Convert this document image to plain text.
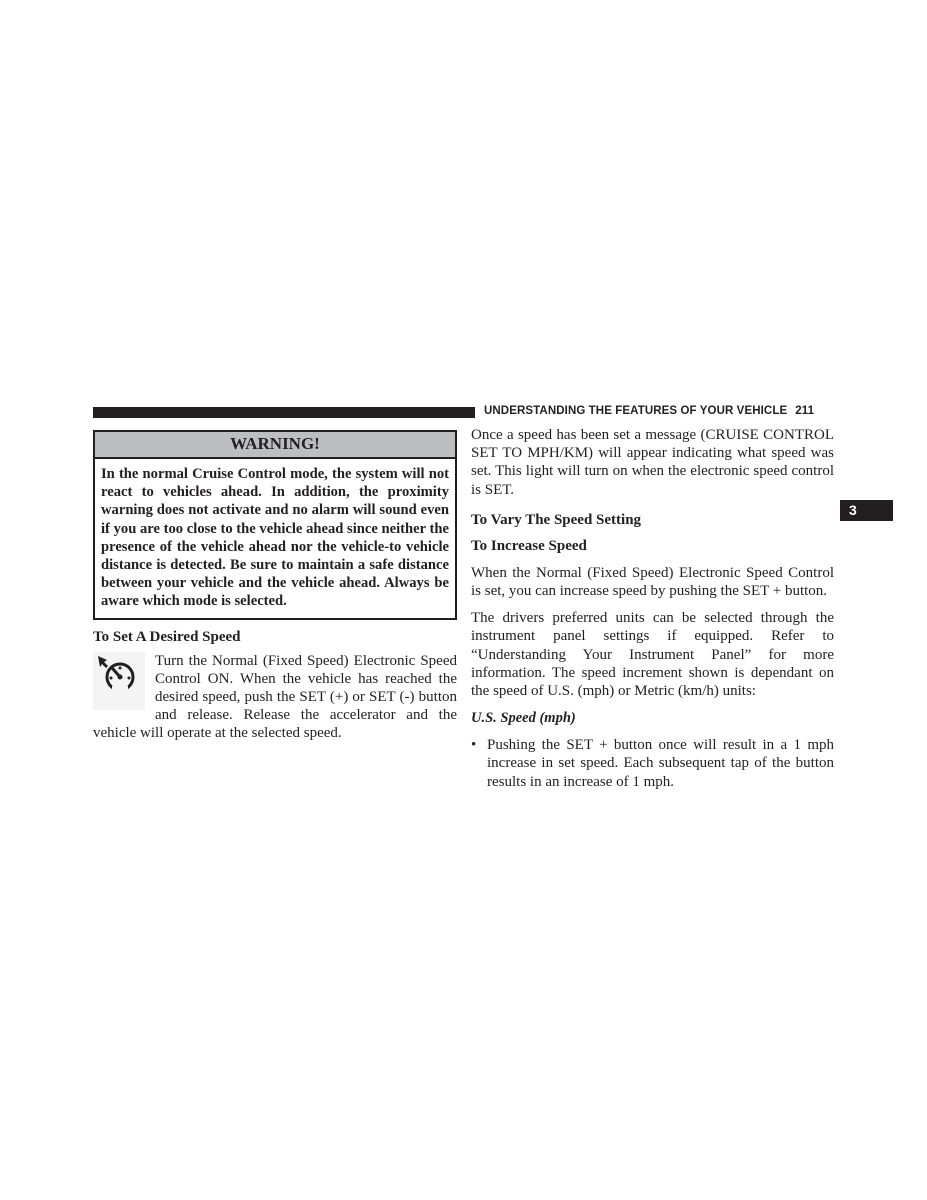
UNDERSTANDING THE FEATURES OF YOUR VEHICLE 211
3
WARNING!

In the normal Cruise Control mode, the system will not react to vehicles ahead. In addition, the proximity warning does not activate and no alarm will sound even if you are too close to the vehicle ahead since neither the presence of the vehicle ahead nor the vehicle-to vehicle distance is detected. Be sure to maintain a safe distance between your vehicle and the vehicle ahead. Always be aware which mode is selected.

To Set A Desired Speed

Turn the Normal (Fixed Speed) Electronic Speed Control ON. When the vehicle has reached the desired speed, push the SET (+) or SET (-) button and release. Release the accelerator and the vehicle will operate at the selected speed.

Once a speed has been set a message (CRUISE CONTROL SET TO MPH/KM) will appear indicating what speed was set. This light will turn on when the electronic speed control is SET.

To Vary The Speed Setting

To Increase Speed

When the Normal (Fixed Speed) Electronic Speed Control is set, you can increase speed by pushing the SET + button.

The drivers preferred units can be selected through the instrument panel settings if equipped. Refer to “Understanding Your Instrument Panel” for more information. The speed increment shown is dependant on the speed of U.S. (mph) or Metric (km/h) units:

U.S. Speed (mph)

• Pushing the SET + button once will result in a 1 mph increase in set speed. Each subsequent tap of the button results in an increase of 1 mph.
